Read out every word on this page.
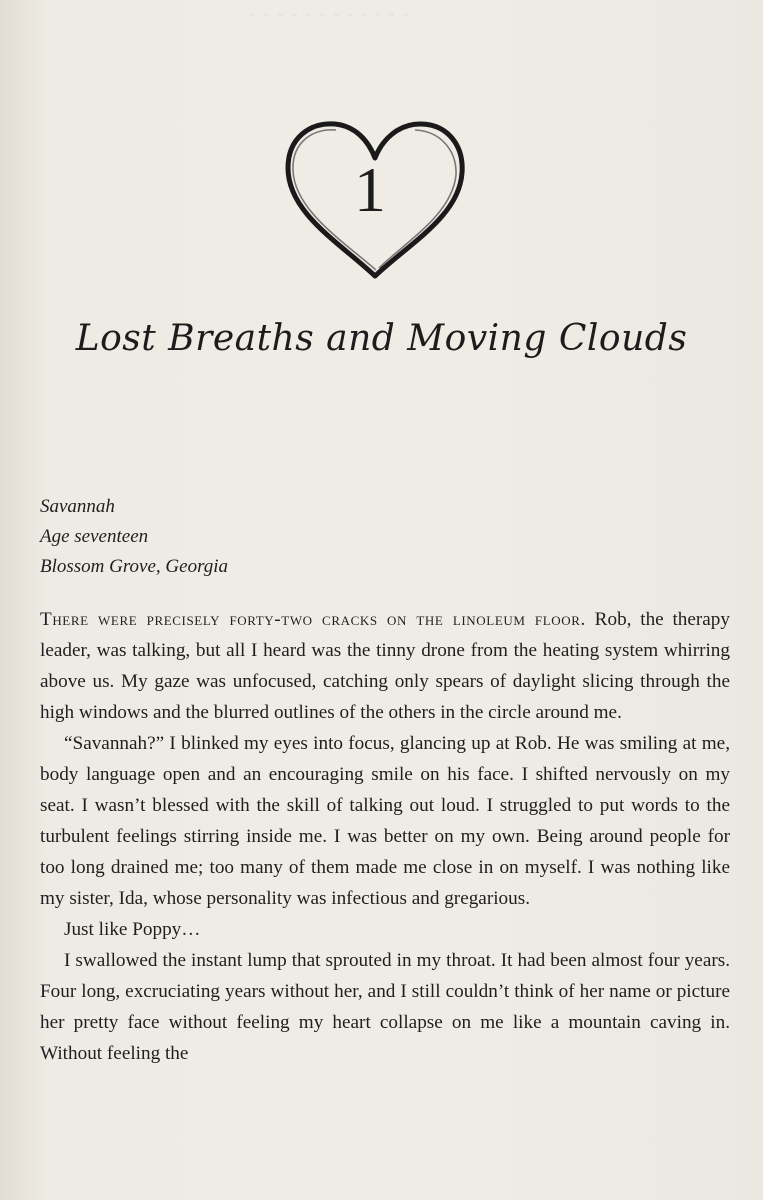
~ ~ ~ ~ ~ ~ ~ ~ ~ ~ ~ ~
1
Lost Breaths and Moving Clouds
Savannah
Age seventeen
Blossom Grove, Georgia

There were precisely forty-two cracks on the linoleum floor. Rob, the therapy leader, was talking, but all I heard was the tinny drone from the heating system whirring above us. My gaze was unfocused, catching only spears of daylight slicing through the high windows and the blurred outlines of the others in the circle around me.

“Savannah?” I blinked my eyes into focus, glancing up at Rob. He was smiling at me, body language open and an encouraging smile on his face. I shifted nervously on my seat. I wasn’t blessed with the skill of talking out loud. I struggled to put words to the turbulent feelings stirring inside me. I was better on my own. Being around people for too long drained me; too many of them made me close in on myself. I was nothing like my sister, Ida, whose personality was infectious and gregarious.

Just like Poppy…

I swallowed the instant lump that sprouted in my throat. It had been almost four years. Four long, excruciating years without her, and I still couldn’t think of her name or picture her pretty face without feeling my heart collapse on me like a mountain caving in. Without feeling the
